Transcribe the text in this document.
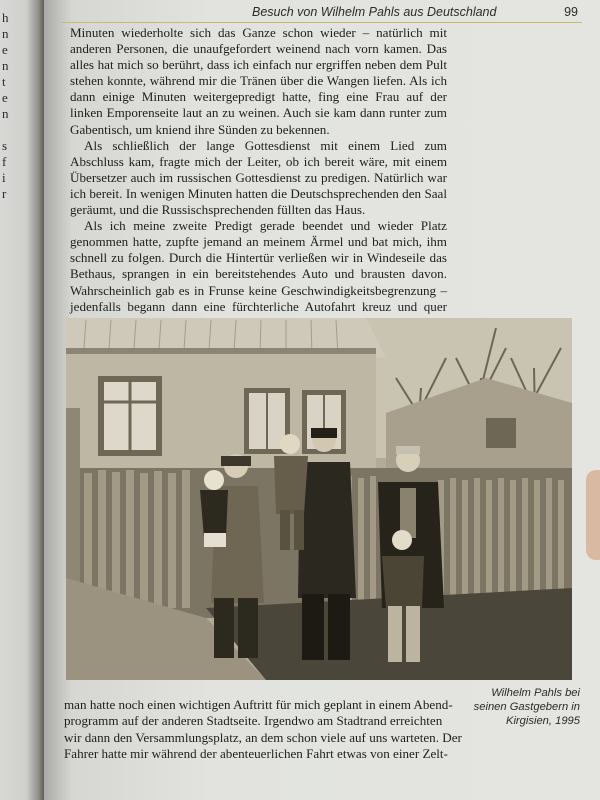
h
n
e
n
t
e
n
s
f
i
r
Besuch von Wilhelm Pahls aus Deutschland	99

Minuten wiederholte sich das Ganze schon wieder – natürlich mit anderen Personen, die unaufgefordert weinend nach vorn kamen. Das alles hat mich so berührt, dass ich einfach nur ergriffen neben dem Pult stehen konnte, während mir die Tränen über die Wangen liefen. Als ich dann einige Minuten weitergepredigt hatte, fing eine Frau auf der linken Emporenseite laut an zu weinen. Auch sie kam dann runter zum Gabentisch, um kniend ihre Sünden zu bekennen.

Als schließlich der lange Gottesdienst mit einem Lied zum Abschluss kam, fragte mich der Leiter, ob ich bereit wäre, mit einem Übersetzer auch im russischen Gottesdienst zu predigen. Natürlich war ich bereit. In wenigen Minuten hatten die Deutschsprechenden den Saal geräumt, und die Russischsprechenden füllten das Haus.

Als ich meine zweite Predigt gerade beendet und wieder Platz genommen hatte, zupfte jemand an meinem Ärmel und bat mich, ihm schnell zu folgen. Durch die Hintertür verließen wir in Windeseile das Bethaus, sprangen in ein bereitstehendes Auto und brausten davon. Wahrscheinlich gab es in Frunse keine Geschwindigkeitsbegrenzung – jedenfalls begann dann eine fürchterliche Autofahrt kreuz und quer

Wilhelm Pahls bei seinen Gastgebern in Kirgisien, 1995
man hatte noch einen wichtigen Auftritt für mich geplant in einem Abend-
programm auf der anderen Stadtseite. Irgendwo am Stadtrand erreichten
wir dann den Versammlungsplatz, an dem schon viele auf uns warteten. Der
Fahrer hatte mir während der abenteuerlichen Fahrt etwas von einer Zelt-
